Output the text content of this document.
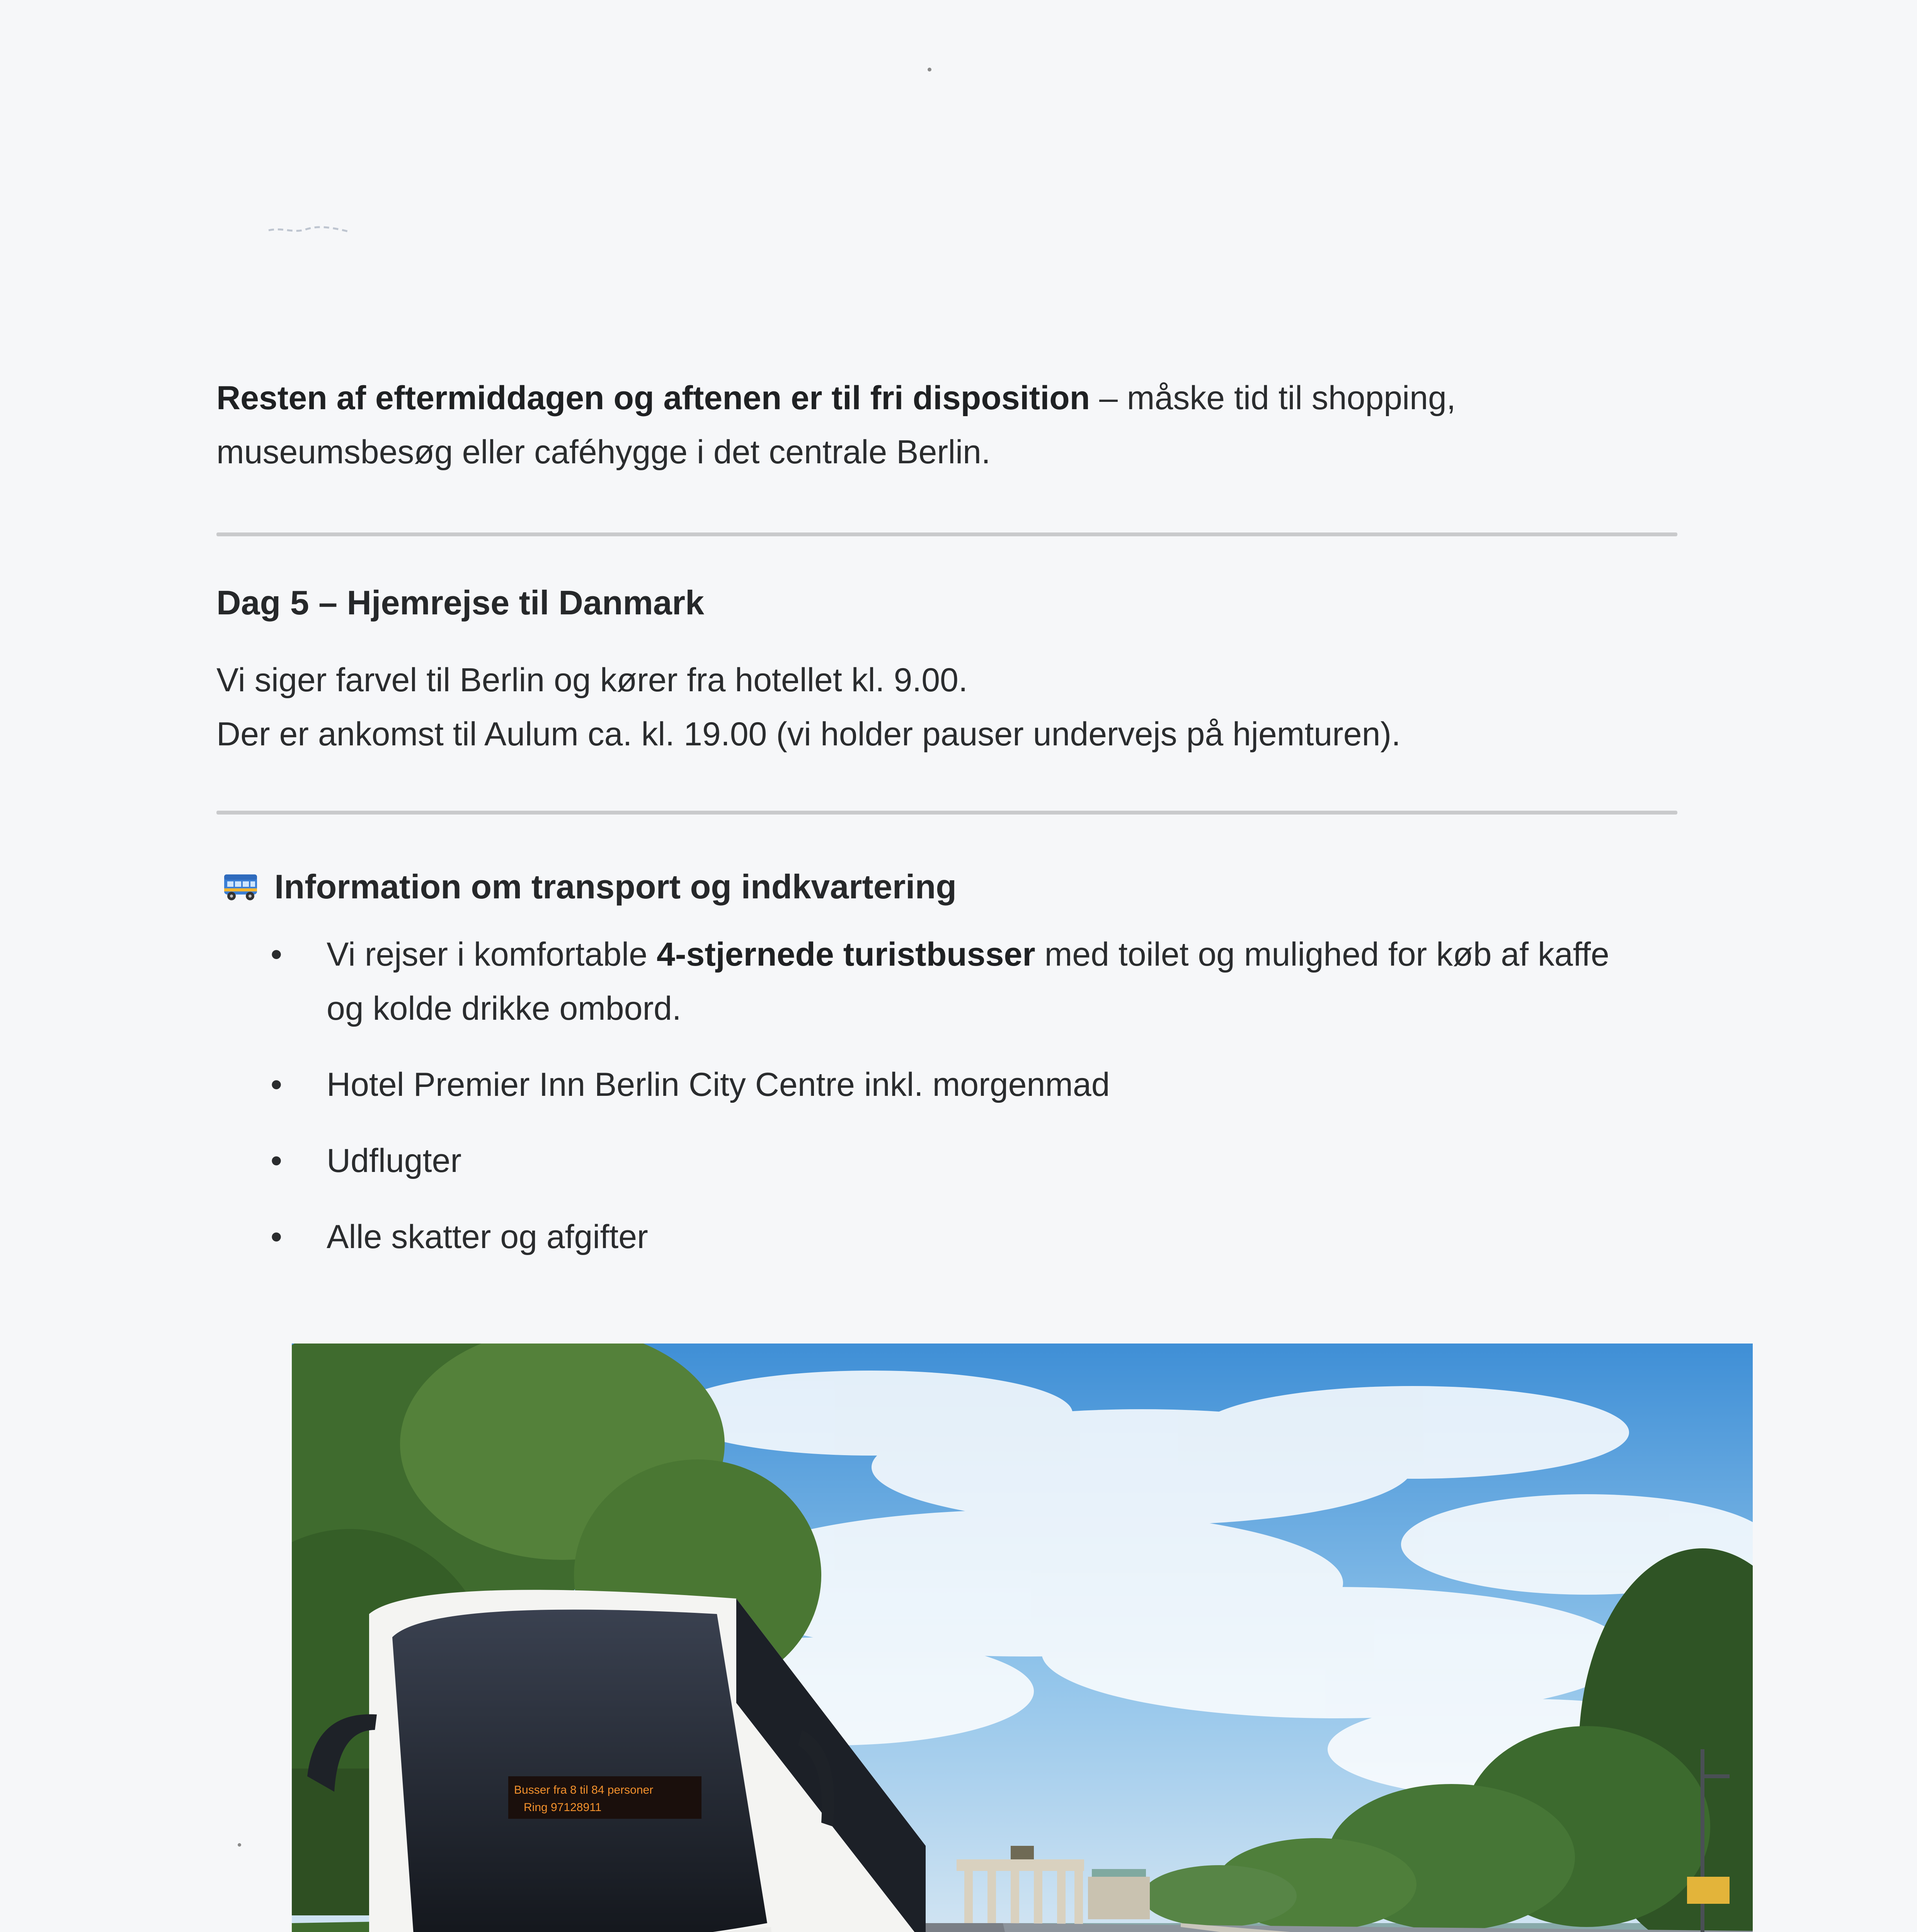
Resten af eftermiddagen og aftenen er til fri disposition – måske tid til shopping,
museumsbesøg eller caféhygge i det centrale Berlin.
Dag 5 – Hjemrejse til Danmark
Vi siger farvel til Berlin og kører fra hotellet kl. 9.00.
Der er ankomst til Aulum ca. kl. 19.00 (vi holder pauser undervejs på hjemturen).
Information om transport og indkvartering
• Vi rejser i komfortable 4-stjernede turistbusser med toilet og mulighed for køb af kaffe
og kolde drikke ombord.
• Hotel Premier Inn Berlin City Centre inkl. morgenmad
• Udflugter
• Alle skatter og afgifter
Busser fra 8 til 84 personer
Ring 97128911
